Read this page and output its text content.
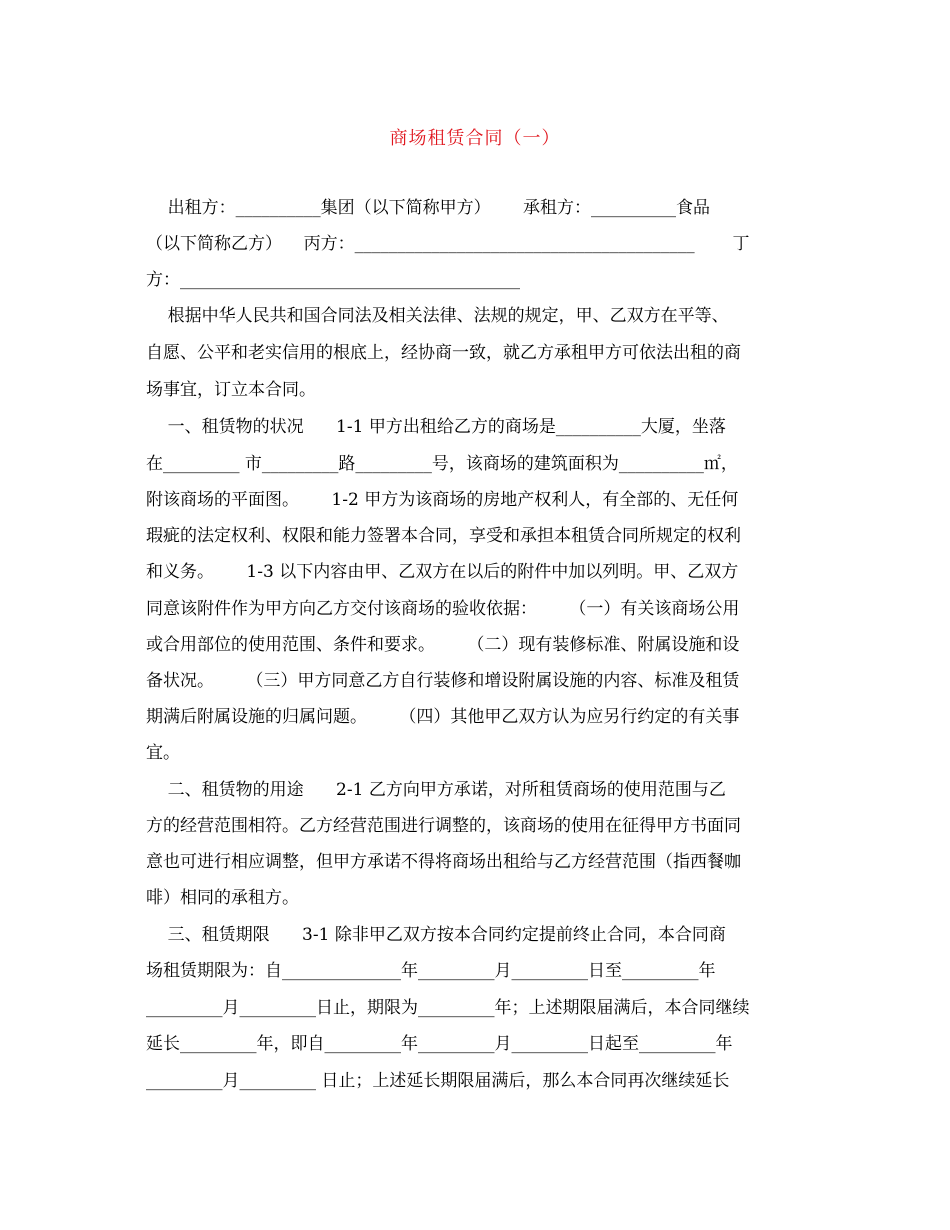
商场租赁合同（一）
出租方：__________集团（以下简称甲方）      承租方：__________食品
（以下简称乙方）    丙方：________________________________________       丁
方：________________________________________
根据中华人民共和国合同法及相关法律、法规的规定，甲、乙双方在平等、
自愿、公平和老实信用的根底上，经协商一致，就乙方承租甲方可依法出租的商
场事宜，订立本合同。
一、租赁物的状况      1-1 甲方出租给乙方的商场是__________大厦，坐落
在_________ 市_________路_________号，该商场的建筑面积为__________㎡，
附该商场的平面图。      1-2 甲方为该商场的房地产权利人，有全部的、无任何
瑕疵的法定权利、权限和能力签署本合同，享受和承担本租赁合同所规定的权利
和义务。      1-3 以下内容由甲、乙双方在以后的附件中加以列明。甲、乙双方
同意该附件作为甲方向乙方交付该商场的验收依据：      （一）有关该商场公用
或合用部位的使用范围、条件和要求。      （二）现有装修标准、附属设施和设
备状况。      （三）甲方同意乙方自行装修和增设附属设施的内容、标准及租赁
期满后附属设施的归属问题。      （四）其他甲乙双方认为应另行约定的有关事
宜。
二、租赁物的用途      2-1 乙方向甲方承诺，对所租赁商场的使用范围与乙
方的经营范围相符。乙方经营范围进行调整的，该商场的使用在征得甲方书面同
意也可进行相应调整，但甲方承诺不得将商场出租给与乙方经营范围（指西餐咖
啡）相同的承租方。
三、租赁期限      3-1 除非甲乙双方按本合同约定提前终止合同，本合同商
场租赁期限为：自______________年_________月_________日至_________年
_________月_________日止，期限为_________年；上述期限届满后，本合同继续
延长_________年，即自_________年_________月_________日起至_________年
_________月_________ 日止；上述延长期限届满后，那么本合同再次继续延长
